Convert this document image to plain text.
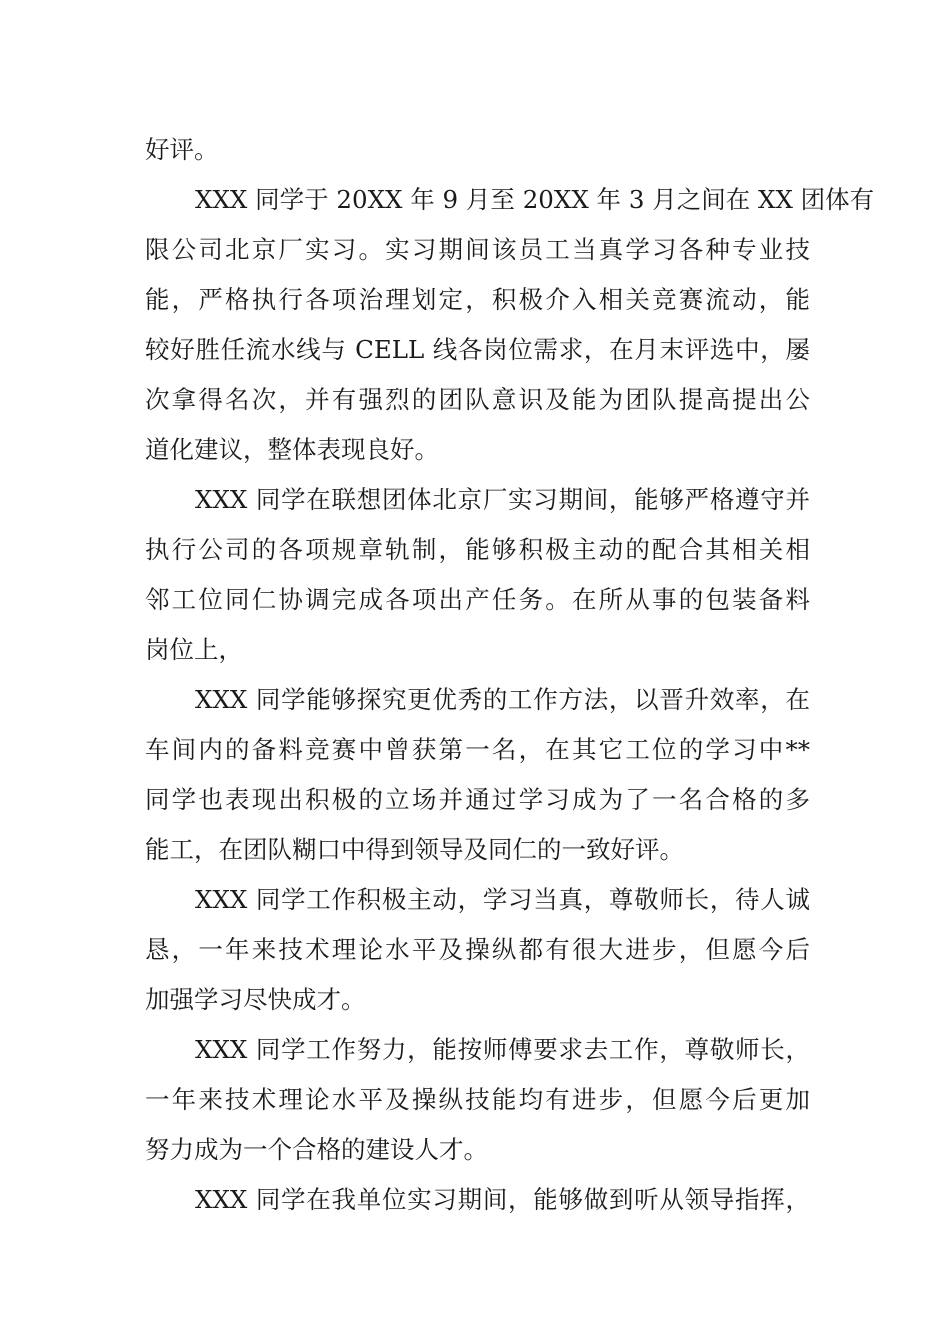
好评。
XXX 同学于 20XX 年 9 月至 20XX 年 3 月之间在 XX 团体有
限公司北京厂实习。实习期间该员工当真学习各种专业技
能，严格执行各项治理划定，积极介入相关竞赛流动，能
较好胜任流水线与 CELL 线各岗位需求，在月末评选中，屡
次拿得名次，并有强烈的团队意识及能为团队提高提出公
道化建议，整体表现良好。
XXX 同学在联想团体北京厂实习期间，能够严格遵守并
执行公司的各项规章轨制，能够积极主动的配合其相关相
邻工位同仁协调完成各项出产任务。在所从事的包装备料
岗位上，
XXX 同学能够探究更优秀的工作方法，以晋升效率，在
车间内的备料竞赛中曾获第一名，在其它工位的学习中**
同学也表现出积极的立场并通过学习成为了一名合格的多
能工，在团队糊口中得到领导及同仁的一致好评。
XXX 同学工作积极主动，学习当真，尊敬师长，待人诚
恳，一年来技术理论水平及操纵都有很大进步，但愿今后
加强学习尽快成才。
XXX 同学工作努力，能按师傅要求去工作，尊敬师长，
一年来技术理论水平及操纵技能均有进步，但愿今后更加
努力成为一个合格的建设人才。
XXX 同学在我单位实习期间，能够做到听从领导指挥，
